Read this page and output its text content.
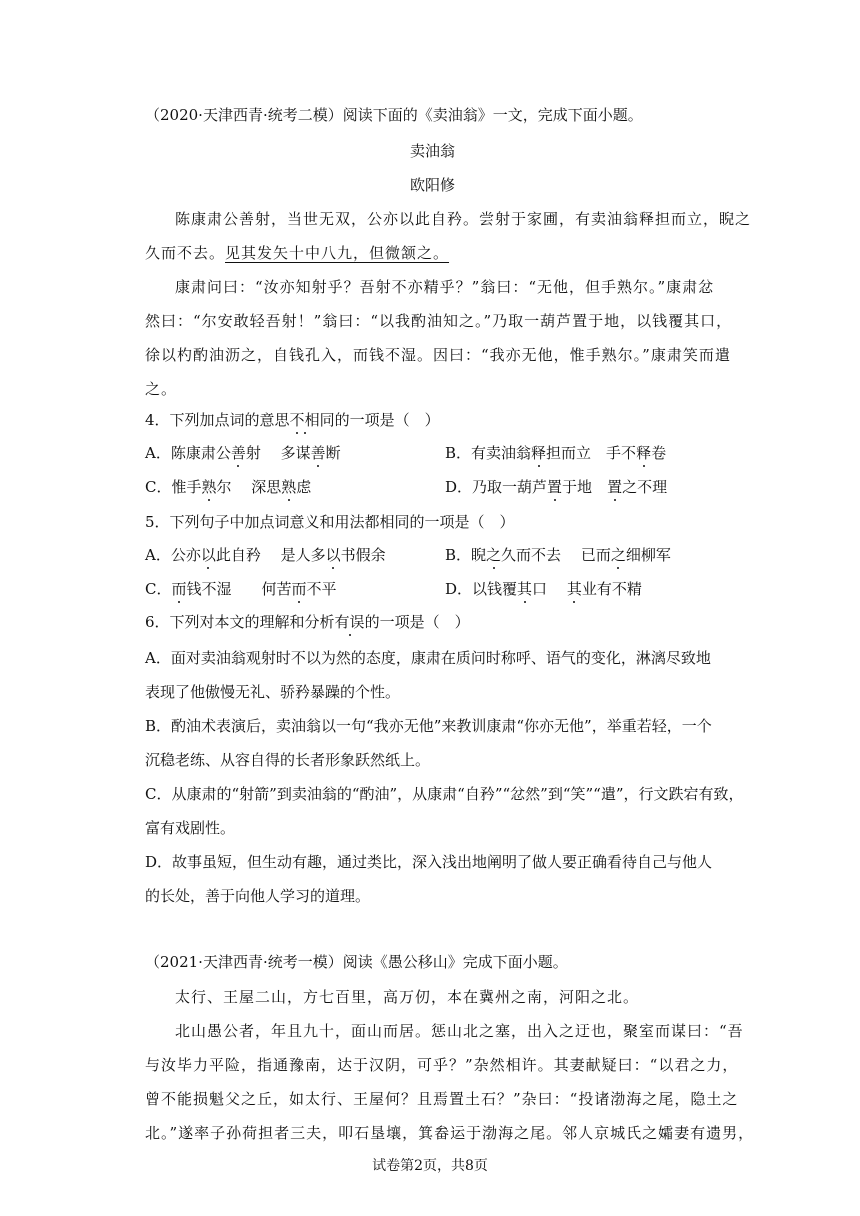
（2020·天津西青·统考二模）阅读下面的《卖油翁》一文，完成下面小题。
卖油翁
欧阳修
陈康肃公善射，当世无双，公亦以此自矜。尝射于家圃，有卖油翁释担而立，睨之
久而不去。见其发矢十中八九，但微颔之。
康肃问曰：“汝亦知射乎？吾射不亦精乎？”翁曰：“无他，但手熟尔。”康肃忿
然曰：“尔安敢轻吾射！”翁曰：“以我酌油知之。”乃取一葫芦置于地，以钱覆其口，
徐以杓酌油沥之，自钱孔入，而钱不湿。因曰：“我亦无他，惟手熟尔。”康肃笑而遣
之。
4．下列加点词的意思不相同的一项是（　）
A．陈康肃公善射　 多谋善断	B．有卖油翁释担而立　手不释卷
C．惟手熟尔　 深思熟虑	D．乃取一葫芦置于地　置之不理
5．下列句子中加点词意义和用法都相同的一项是（　）
A．公亦以此自矜　 是人多以书假余	B．睨之久而不去　 已而之细柳军
C．而钱不湿　　何苦而不平	D．以钱覆其口　 其业有不精
6．下列对本文的理解和分析有误的一项是（　）
A．面对卖油翁观射时不以为然的态度，康肃在质问时称呼、语气的变化，淋漓尽致地
表现了他傲慢无礼、骄矜暴躁的个性。
B．酌油术表演后，卖油翁以一句“我亦无他”来教训康肃“你亦无他”，举重若轻，一个
沉稳老练、从容自得的长者形象跃然纸上。
C．从康肃的“射箭”到卖油翁的“酌油”，从康肃“自矜”“忿然”到“笑”“遣”，行文跌宕有致，
富有戏剧性。
D．故事虽短，但生动有趣，通过类比，深入浅出地阐明了做人要正确看待自己与他人
的长处，善于向他人学习的道理。
（2021·天津西青·统考一模）阅读《愚公移山》完成下面小题。
太行、王屋二山，方七百里，高万仞，本在冀州之南，河阳之北。
北山愚公者，年且九十，面山而居。惩山北之塞，出入之迂也，聚室而谋曰：“吾
与汝毕力平险，指通豫南，达于汉阴，可乎？”杂然相许。其妻献疑曰：“以君之力，
曾不能损魁父之丘，如太行、王屋何？且焉置土石？”杂曰：“投诸渤海之尾，隐土之
北。”遂率子孙荷担者三夫，叩石垦壤，箕畚运于渤海之尾。邻人京城氏之孀妻有遗男，
试卷第2页，共8页
